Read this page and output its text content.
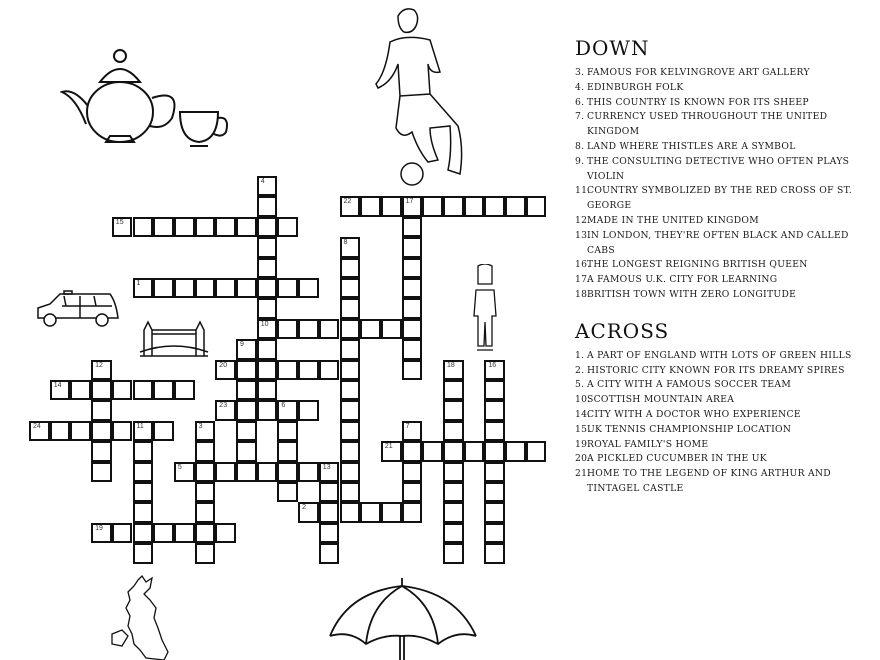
4
10
22	17
15
8
1
9
20
12	18	16
14
23	6
24	11	3	7
21
5	13
2
19
DOWN
3. FAMOUS FOR KELVINGROVE ART GALLERY
4. EDINBURGH FOLK
6. THIS COUNTRY IS KNOWN FOR ITS SHEEP
7. CURRENCY USED THROUGHOUT THE UNITED KINGDOM
8. LAND WHERE THISTLES ARE A SYMBOL
9. THE CONSULTING DETECTIVE WHO OFTEN PLAYS VIOLIN
11.
COUNTRY SYMBOLIZED BY THE RED CROSS OF ST. GEORGE
12.
MADE IN THE UNITED KINGDOM
13.
IN LONDON, THEY'RE OFTEN BLACK AND CALLED CABS
16.
THE LONGEST REIGNING BRITISH QUEEN
17.
A FAMOUS U.K. CITY FOR LEARNING
18.
BRITISH TOWN WITH ZERO LONGITUDE
ACROSS
1. A PART OF ENGLAND WITH LOTS OF GREEN HILLS
2. HISTORIC CITY KNOWN FOR ITS DREAMY SPIRES
5. A CITY WITH A FAMOUS SOCCER TEAM
10.
SCOTTISH MOUNTAIN AREA
14.
CITY WITH A DOCTOR WHO EXPERIENCE
15.
UK TENNIS CHAMPIONSHIP LOCATION
19.
ROYAL FAMILY'S HOME
20.
A PICKLED CUCUMBER IN THE UK
21.
HOME TO THE LEGEND OF KING ARTHUR AND TINTAGEL CASTLE
